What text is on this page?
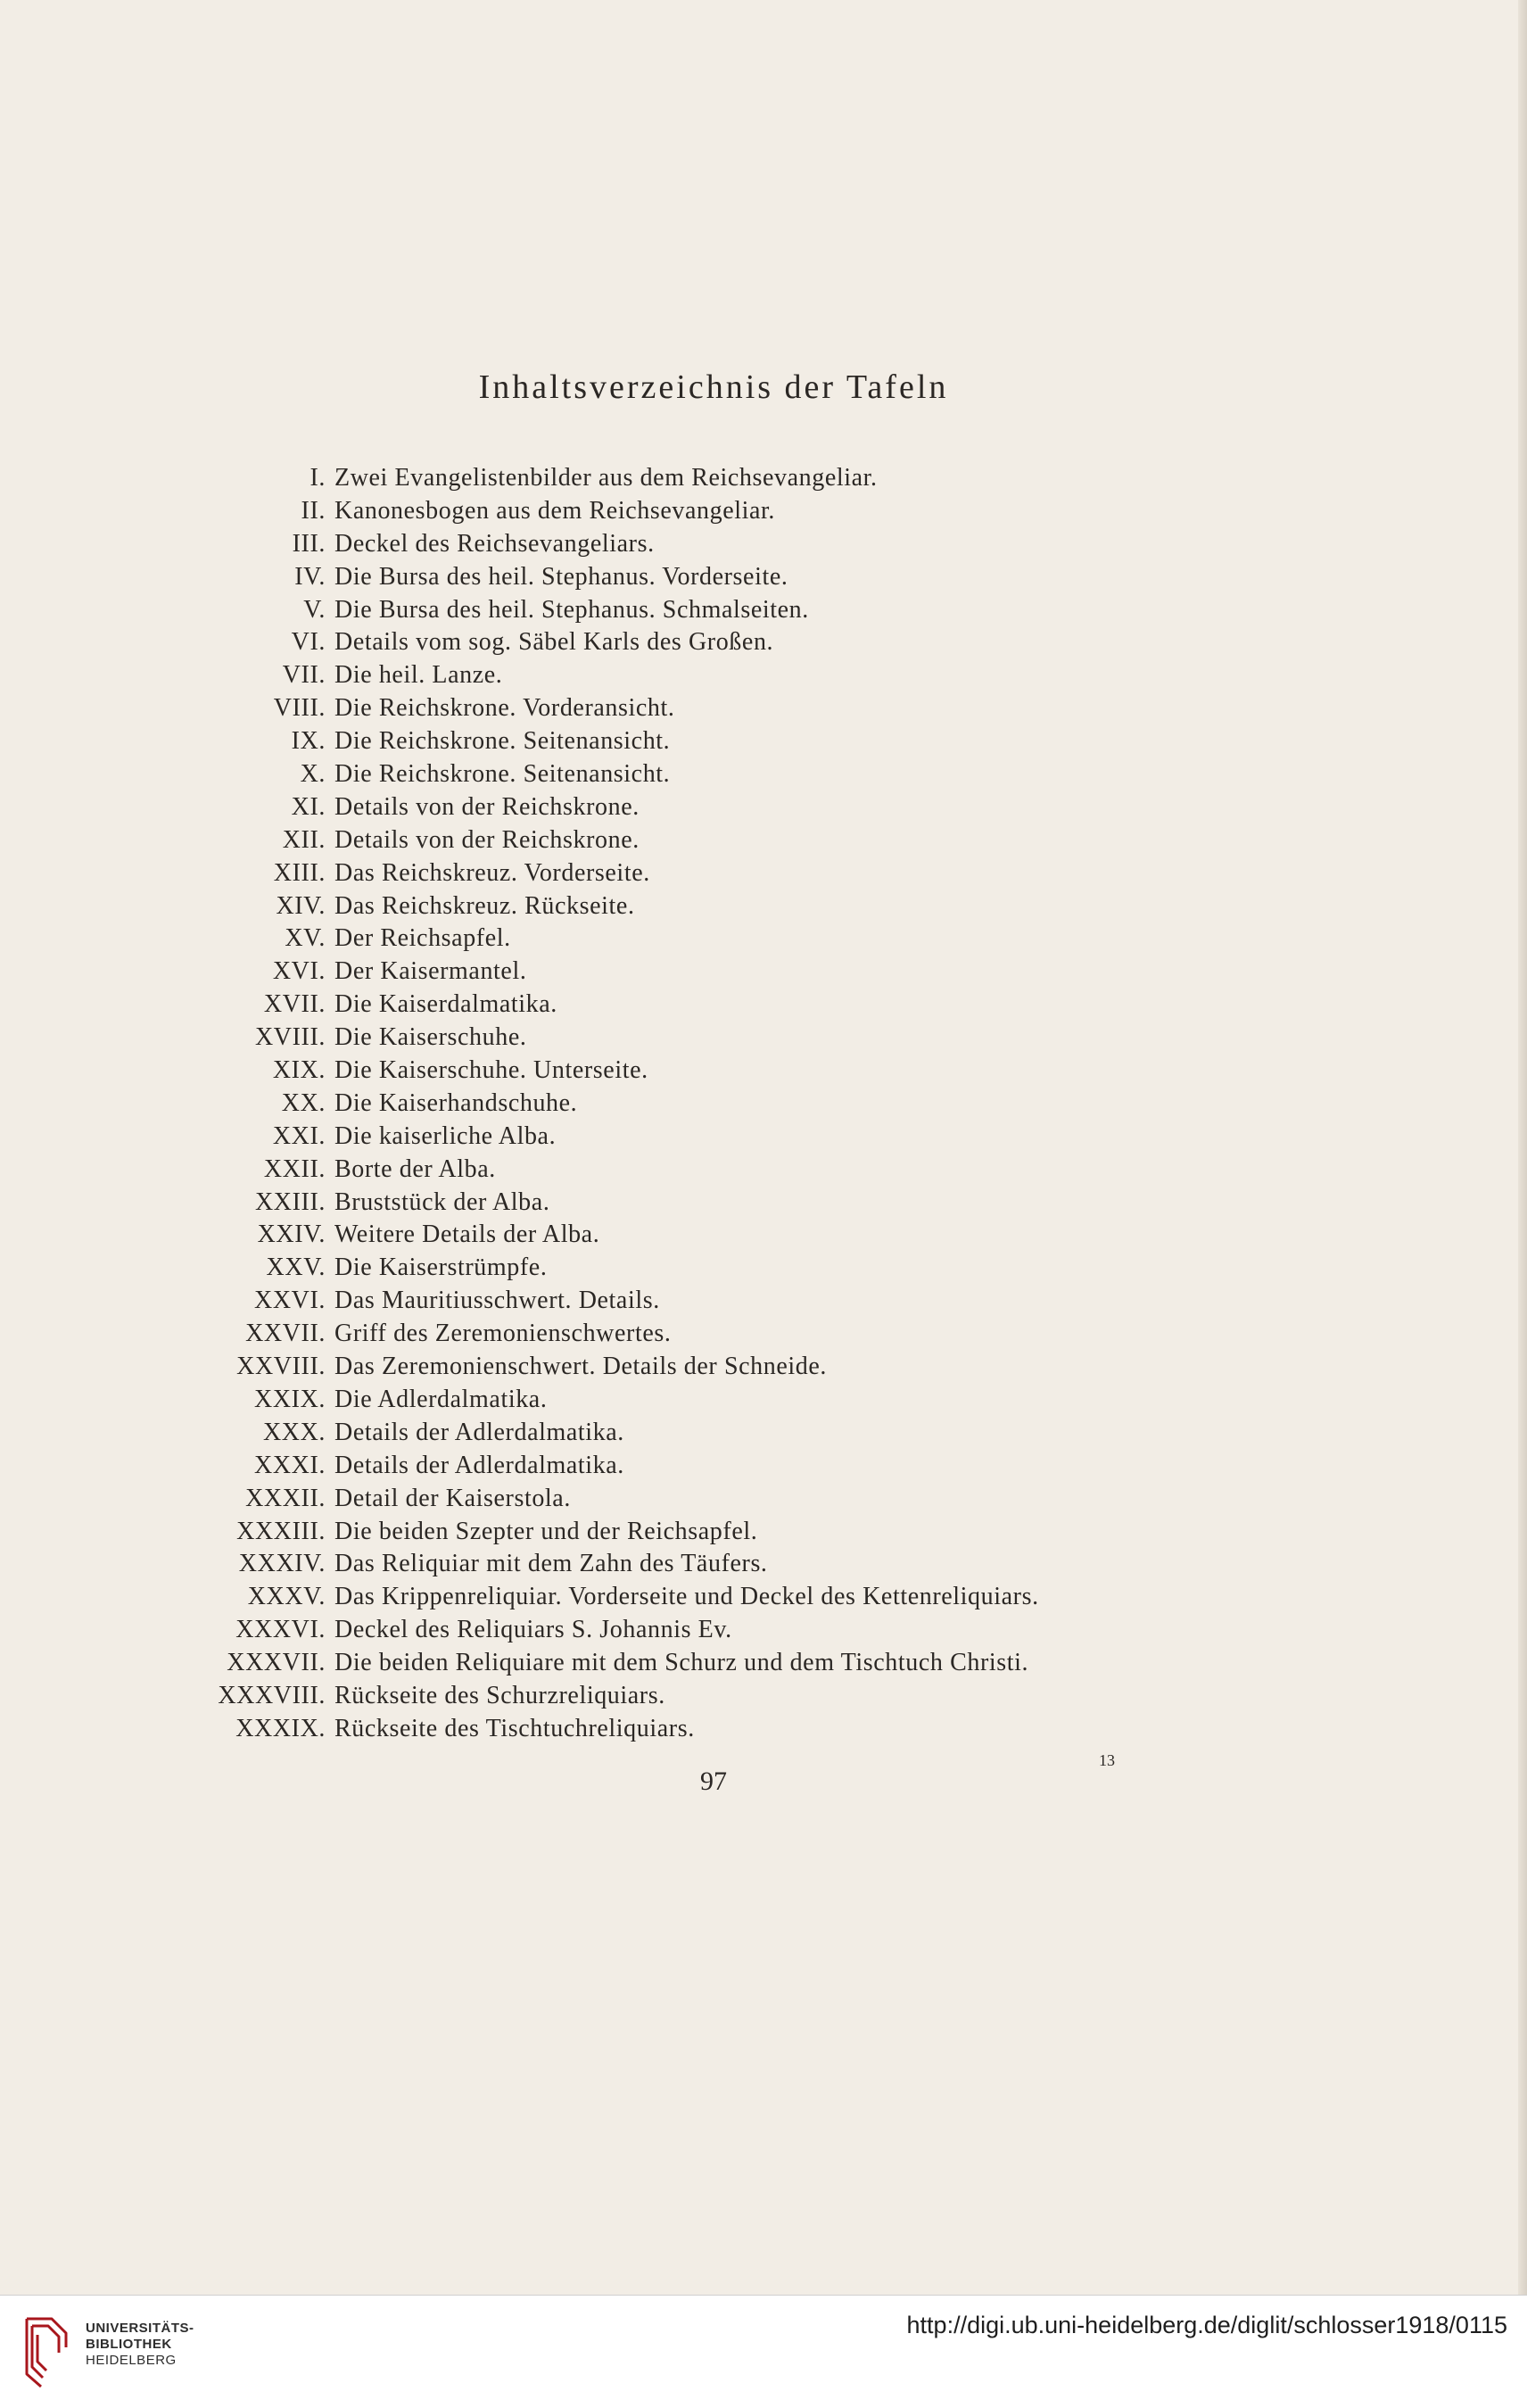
Inhaltsverzeichnis der Tafeln
I. Zwei Evangelistenbilder aus dem Reichsevangeliar.
II. Kanonesbogen aus dem Reichsevangeliar.
III. Deckel des Reichsevangeliars.
IV. Die Bursa des heil. Stephanus. Vorderseite.
V. Die Bursa des heil. Stephanus. Schmalseiten.
VI. Details vom sog. Säbel Karls des Großen.
VII. Die heil. Lanze.
VIII. Die Reichskrone. Vorderansicht.
IX. Die Reichskrone. Seitenansicht.
X. Die Reichskrone. Seitenansicht.
XI. Details von der Reichskrone.
XII. Details von der Reichskrone.
XIII. Das Reichskreuz. Vorderseite.
XIV. Das Reichskreuz. Rückseite.
XV. Der Reichsapfel.
XVI. Der Kaisermantel.
XVII. Die Kaiserdalmatika.
XVIII. Die Kaiserschuhe.
XIX. Die Kaiserschuhe. Unterseite.
XX. Die Kaiserhandschuhe.
XXI. Die kaiserliche Alba.
XXII. Borte der Alba.
XXIII. Bruststück der Alba.
XXIV. Weitere Details der Alba.
XXV. Die Kaiserstrümpfe.
XXVI. Das Mauritiusschwert. Details.
XXVII. Griff des Zeremonienschwertes.
XXVIII. Das Zeremonienschwert. Details der Schneide.
XXIX. Die Adlerdalmatika.
XXX. Details der Adlerdalmatika.
XXXI. Details der Adlerdalmatika.
XXXII. Detail der Kaiserstola.
XXXIII. Die beiden Szepter und der Reichsapfel.
XXXIV. Das Reliquiar mit dem Zahn des Täufers.
XXXV. Das Krippenreliquiar. Vorderseite und Deckel des Kettenreliquiars.
XXXVI. Deckel des Reliquiars S. Johannis Ev.
XXXVII. Die beiden Reliquiare mit dem Schurz und dem Tischtuch Christi.
XXXVIII. Rückseite des Schurzreliquiars.
XXXIX. Rückseite des Tischtuchreliquiars.
13
97
UNIVERSITÄTS-
BIBLIOTHEK
HEIDELBERG
http://digi.ub.uni-heidelberg.de/diglit/schlosser1918/0115
